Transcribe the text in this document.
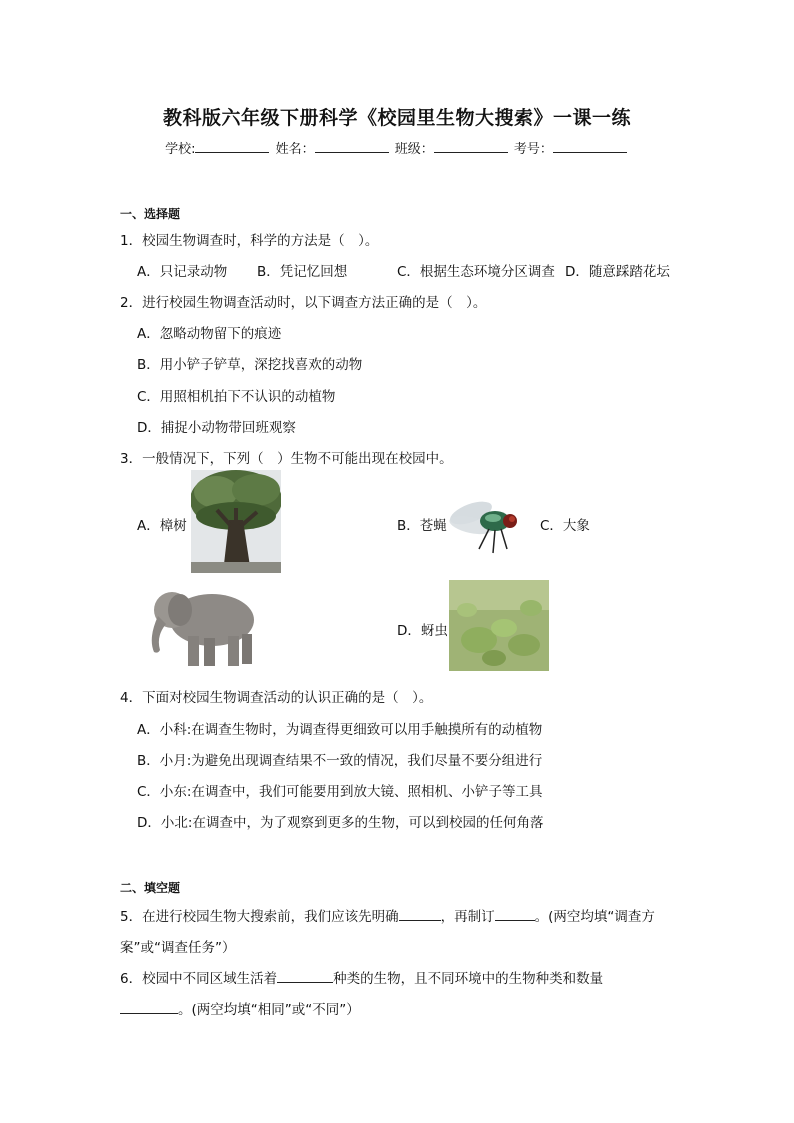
教科版六年级下册科学《校园里生物大搜索》一课一练
学校:	姓名：	班级：	考号：
一、选择题
1．校园生物调查时，科学的方法是（　）。
A．只记录动物 B．凭记忆回想	C．根据生态环境分区调查 D．随意踩踏花坛
2．进行校园生物调查活动时，以下调查方法正确的是（　）。
A．忽略动物留下的痕迹
B．用小铲子铲草，深挖找喜欢的动物
C．用照相机拍下不认识的动植物
D．捕捉小动物带回班观察
3．一般情况下，下列（　）生物不可能出现在校园中。
A．樟树	B．苍蝇	C．大象
D．蚜虫
4．下面对校园生物调查活动的认识正确的是（　）。
A．小科:在调查生物时，为调查得更细致可以用手触摸所有的动植物
B．小月:为避免出现调查结果不一致的情况，我们尽量不要分组进行
C．小东:在调查中，我们可能要用到放大镜、照相机、小铲子等工具
D．小北:在调查中，为了观察到更多的生物，可以到校园的任何角落
二、填空题
5．在进行校园生物大搜索前，我们应该先明确	，再制订	。(两空均填“调查方
案”或“调查任务”）
6．校园中不同区域生活着	种类的生物，且不同环境中的生物种类和数量
。(两空均填“相同”或“不同”）
